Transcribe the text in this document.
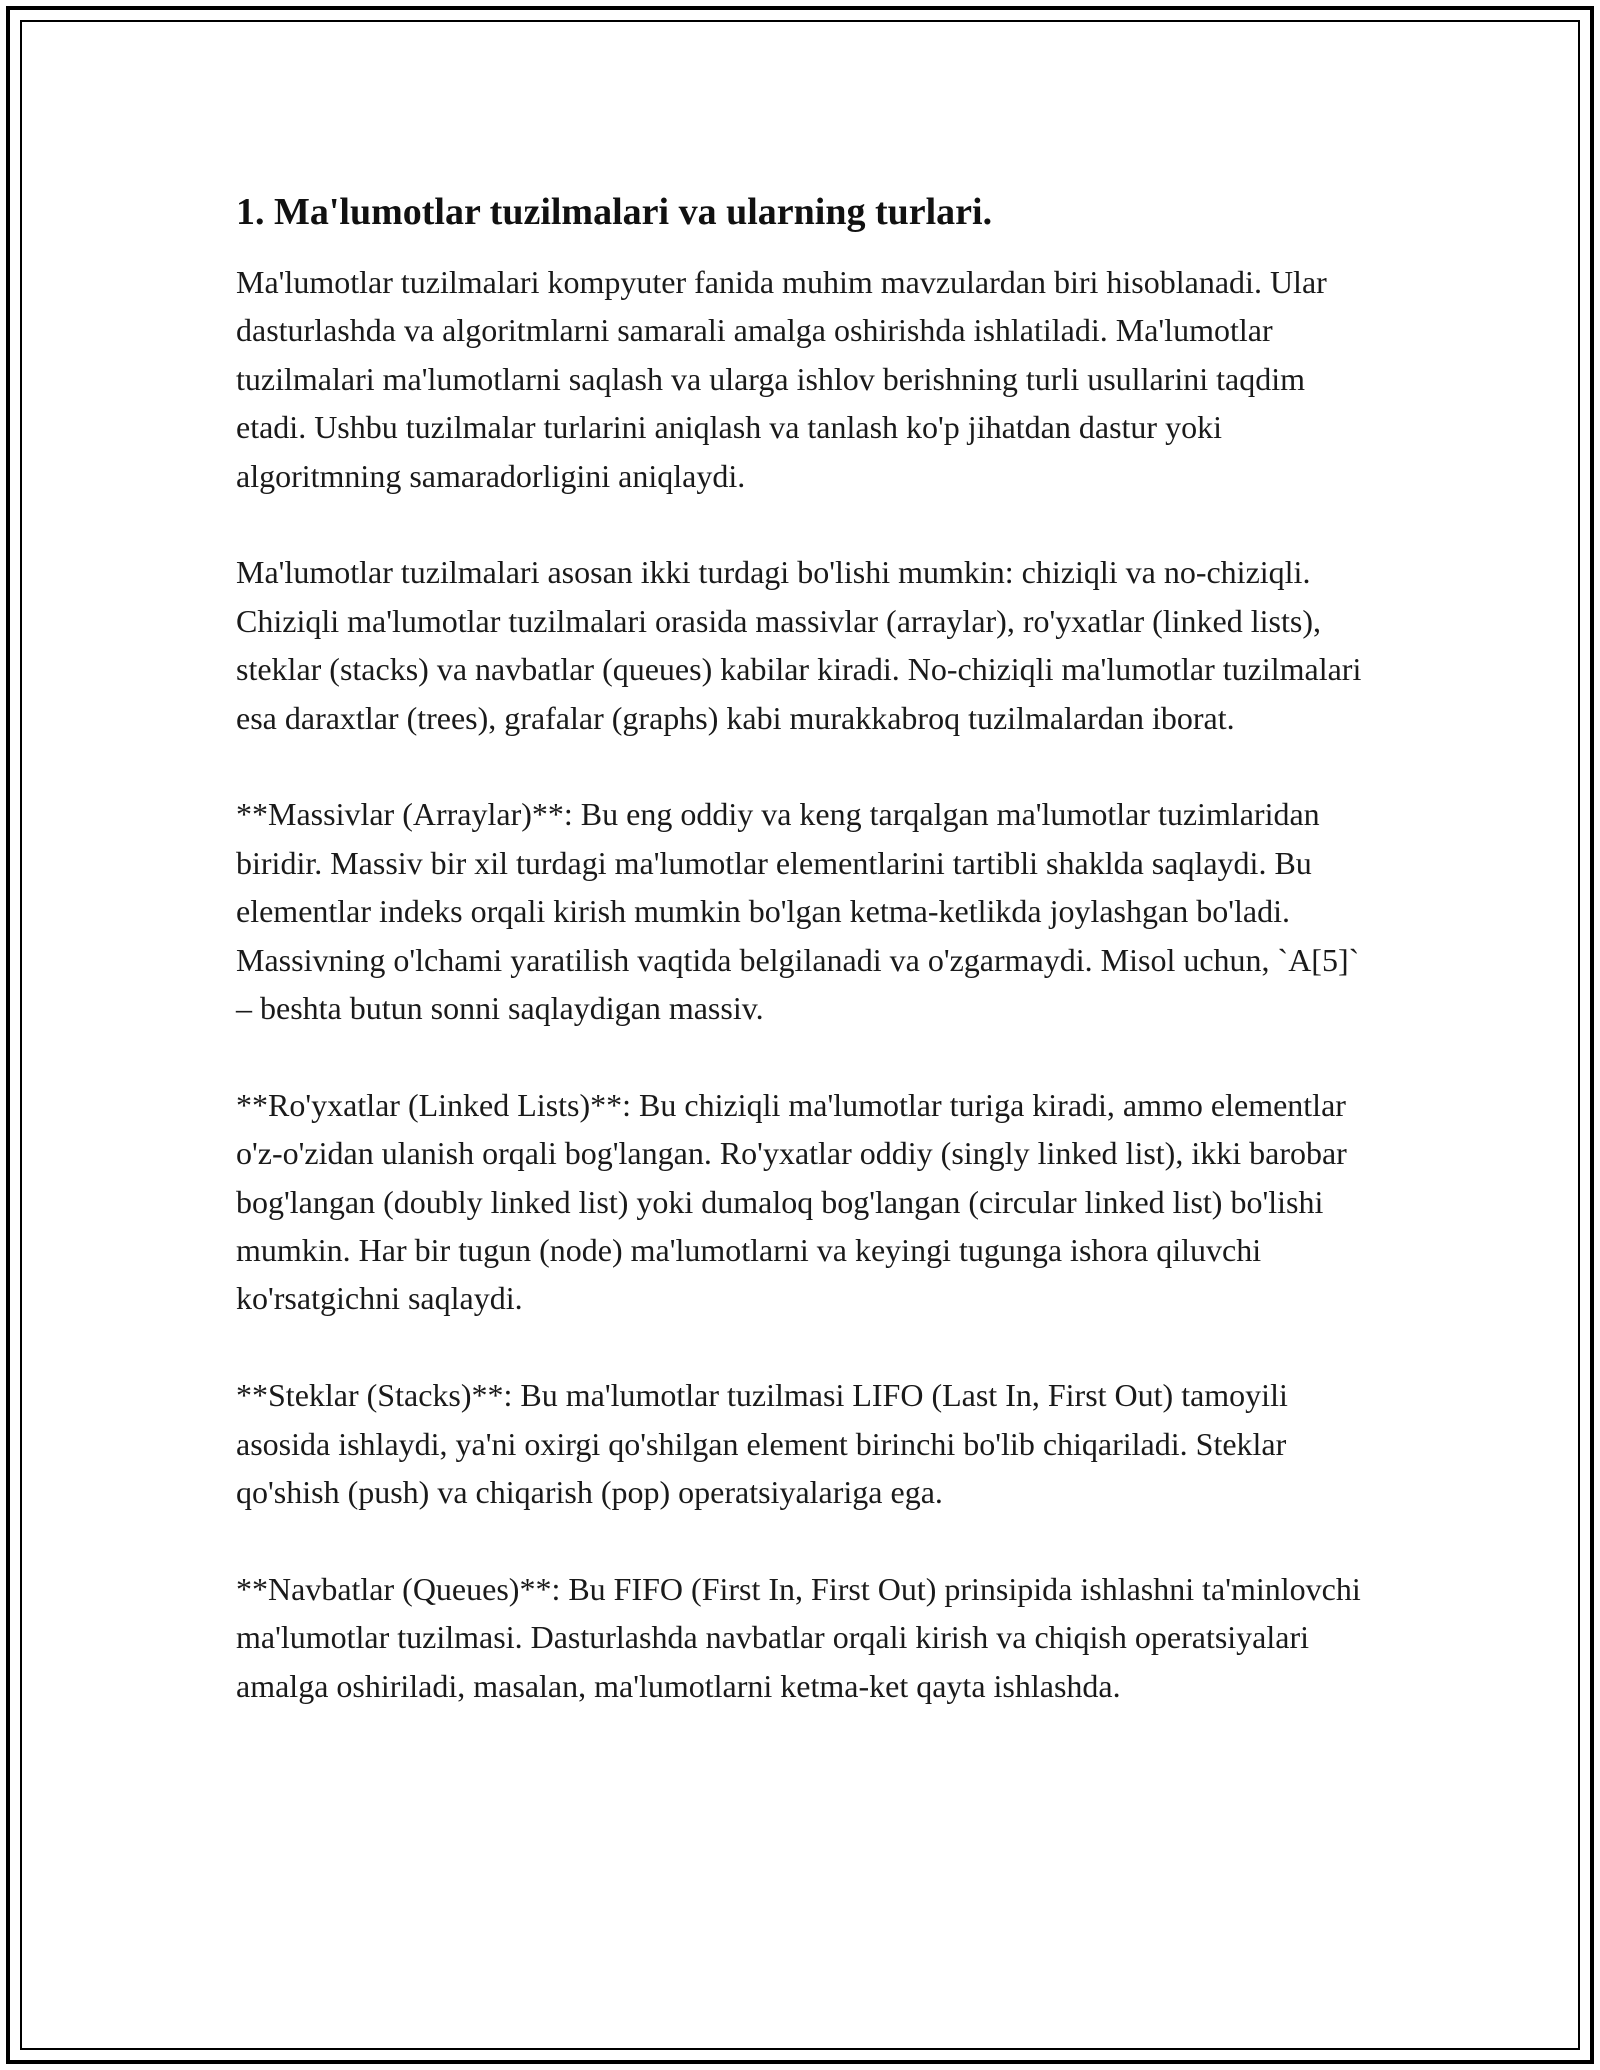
1. Ma'lumotlar tuzilmalari va ularning turlari.

Ma'lumotlar tuzilmalari kompyuter fanida muhim mavzulardan biri hisoblanadi. Ular dasturlashda va algoritmlarni samarali amalga oshirishda ishlatiladi. Ma'lumotlar tuzilmalari ma'lumotlarni saqlash va ularga ishlov berishning turli usullarini taqdim etadi. Ushbu tuzilmalar turlarini aniqlash va tanlash ko'p jihatdan dastur yoki algoritmning samaradorligini aniqlaydi.

Ma'lumotlar tuzilmalari asosan ikki turdagi bo'lishi mumkin: chiziqli va no-chiziqli. Chiziqli ma'lumotlar tuzilmalari orasida massivlar (arraylar), ro'yxatlar (linked lists), steklar (stacks) va navbatlar (queues) kabilar kiradi. No-chiziqli ma'lumotlar tuzilmalari esa daraxtlar (trees), grafalar (graphs) kabi murakkabroq tuzilmalardan iborat.

**Massivlar (Arraylar)**: Bu eng oddiy va keng tarqalgan ma'lumotlar tuzimlaridan biridir. Massiv bir xil turdagi ma'lumotlar elementlarini tartibli shaklda saqlaydi. Bu elementlar indeks orqali kirish mumkin bo'lgan ketma-ketlikda joylashgan bo'ladi. Massivning o'lchami yaratilish vaqtida belgilanadi va o'zgarmaydi. Misol uchun, `A[5]` – beshta butun sonni saqlaydigan massiv.

**Ro'yxatlar (Linked Lists)**: Bu chiziqli ma'lumotlar turiga kiradi, ammo elementlar o'z-o'zidan ulanish orqali bog'langan. Ro'yxatlar oddiy (singly linked list), ikki barobar bog'langan (doubly linked list) yoki dumaloq bog'langan (circular linked list) bo'lishi mumkin. Har bir tugun (node) ma'lumotlarni va keyingi tugunga ishora qiluvchi ko'rsatgichni saqlaydi.

**Steklar (Stacks)**: Bu ma'lumotlar tuzilmasi LIFO (Last In, First Out) tamoyili asosida ishlaydi, ya'ni oxirgi qo'shilgan element birinchi bo'lib chiqariladi. Steklar qo'shish (push) va chiqarish (pop) operatsiyalariga ega.

**Navbatlar (Queues)**: Bu FIFO (First In, First Out) prinsipida ishlashni ta'minlovchi ma'lumotlar tuzilmasi. Dasturlashda navbatlar orqali kirish va chiqish operatsiyalari amalga oshiriladi, masalan, ma'lumotlarni ketma-ket qayta ishlashda.
